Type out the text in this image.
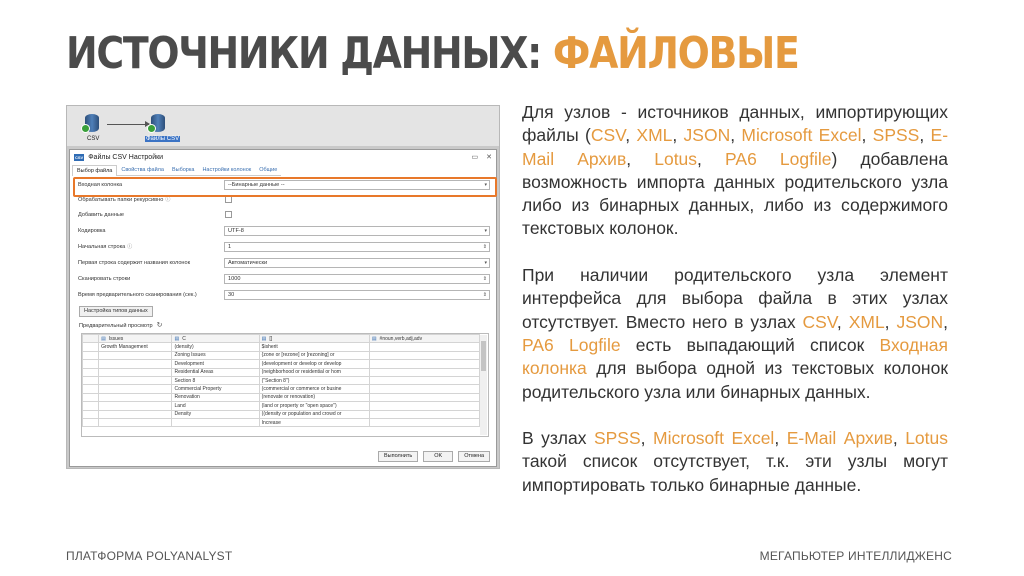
ИСТОЧНИКИ ДАННЫХ: ФАЙЛОВЫЕ
CSV	Файлы CSV
CSV Файлы CSV Настройки	▭ ✕
Выбор файла	Свойства файла	Выборка	Настройки колонок	Общие
Входная колонка	--Бинарные данные --	▾
Обрабатывать папки рекурсивно ⓘ
Добавить данные
Кодировка	UTF-8	▾
Начальная строка ⓘ	1	⇕
Первая строка содержит названия колонок	Автоматически	▾
Сканировать строки	1000	⇕
Время предварительного сканирования (сек.)	30	⇕
Настройка типов данных
Предварительный просмотр ↻
	▤ Issues	▤ C	▤ []	▤ #noun,verb,adj,adv
	Growth Management	(density)	$isherit	
		Zoning Issues	{zone or [rezone] or [rezoning] or	
		Development	(development or develop or develop	
		Residential Areas	(neighborhood or residential or hom	
		Section 8	("Section 8")	
		Commercial Property	(commercial or commerce or busine	
		Renovation	(renovate or renovation)	
		Land	(land or property or "open space")	
		Density	((density or population and crowd or	
			Increase	
Выполнить	OK	Отмена

Для узлов - источников данных, импортирующих файлы (CSV, XML, JSON, Microsoft Excel, SPSS, E-Mail Архив, Lotus, PA6 Logfile) добавлена возможность импорта данных родительского узла либо из бинарных данных, либо из содержимого текстовых колонок.

При наличии родительского узла элемент интерфейса для выбора файла в этих узлах отсутствует. Вместо него в узлах CSV, XML, JSON, PA6 Logfile есть выпадающий список Входная колонка для выбора одной из текстовых колонок родительского узла или бинарных данных.

В узлах SPSS, Microsoft Excel, E-Mail Архив, Lotus такой список отсутствует, т.к. эти узлы могут импортировать только бинарные данные.

ПЛАТФОРМА POLYANALYST	МЕГАПЬЮТЕР ИНТЕЛЛИДЖЕНС
